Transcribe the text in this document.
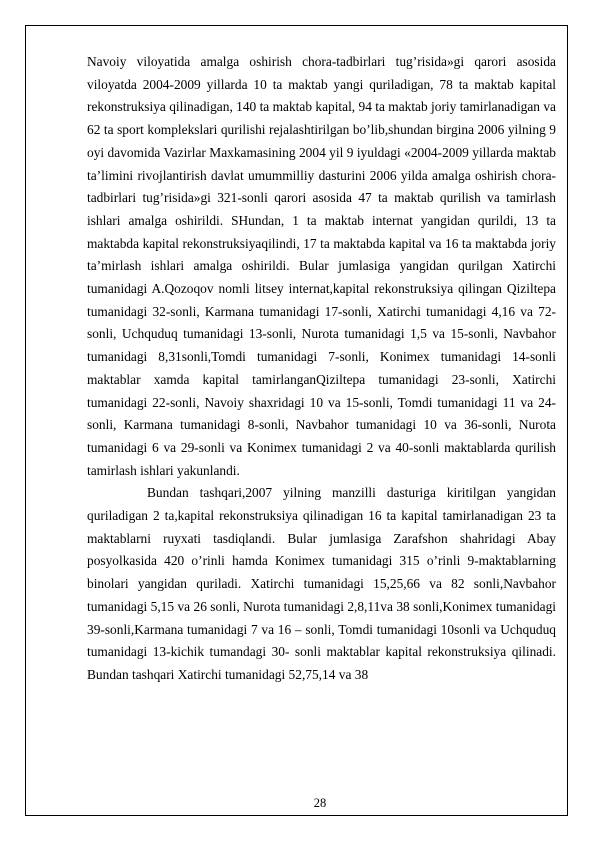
Navoiy viloyatida amalga oshirish chora-tadbirlari tug’risida»gi qarori asosida viloyatda 2004-2009 yillarda 10 ta maktab yangi quriladigan, 78 ta maktab kapital rekonstruksiya qilinadigan, 140 ta maktab kapital, 94 ta maktab joriy tamirlanadigan va 62 ta sport komplekslari qurilishi rejalashtirilgan bo’lib,shundan birgina 2006 yilning 9 oyi davomida Vazirlar Maxkamasining 2004 yil 9 iyuldagi «2004-2009 yillarda maktab ta’limini rivojlantirish davlat umummilliy dasturini 2006 yilda amalga oshirish chora-tadbirlari tug’risida»gi 321-sonli qarori asosida 47 ta maktab qurilish va tamirlash ishlari amalga oshirildi. SHundan, 1 ta maktab internat yangidan qurildi, 13 ta maktabda kapital rekonstruksiyaqilindi, 17 ta maktabda kapital va 16 ta maktabda joriy ta’mirlash ishlari amalga oshirildi. Bular jumlasiga yangidan qurilgan Xatirchi tumanidagi A.Qozoqov nomli litsey internat,kapital rekonstruksiya qilingan Qiziltepa tumanidagi 32-sonli, Karmana tumanidagi 17-sonli, Xatirchi tumanidagi 4,16 va 72-sonli, Uchquduq tumanidagi 13-sonli, Nurota tumanidagi 1,5 va 15-sonli, Navbahor tumanidagi 8,31sonli,Tomdi tumanidagi 7-sonli, Konimex tumanidagi 14-sonli maktablar xamda kapital tamirlanganQiziltepa tumanidagi 23-sonli, Xatirchi tumanidagi 22-sonli, Navoiy shaxridagi 10 va 15-sonli, Tomdi tumanidagi 11 va 24-sonli, Karmana tumanidagi 8-sonli, Navbahor tumanidagi 10 va 36-sonli, Nurota tumanidagi 6 va 29-sonli va Konimex tumanidagi 2 va 40-sonli maktablarda qurilish tamirlash ishlari yakunlandi.

Bundan tashqari,2007 yilning manzilli dasturiga kiritilgan yangidan quriladigan 2 ta,kapital rekonstruksiya qilinadigan 16 ta kapital tamirlanadigan 23 ta maktablarni ruyxati tasdiqlandi. Bular jumlasiga Zarafshon shahridagi Abay posyolkasida 420 o’rinli hamda Konimex tumanidagi 315 o’rinli 9-maktablarning binolari yangidan quriladi. Xatirchi tumanidagi 15,25,66 va 82 sonli,Navbahor tumanidagi 5,15 va 26 sonli, Nurota tumanidagi 2,8,11va 38 sonli,Konimex tumanidagi 39-sonli,Karmana tumanidagi 7 va 16 – sonli, Tomdi tumanidagi 10sonli va Uchquduq tumanidagi 13-kichik tumandagi 30- sonli maktablar kapital rekonstruksiya qilinadi. Bundan tashqari Xatirchi tumanidagi 52,75,14 va 38

28
